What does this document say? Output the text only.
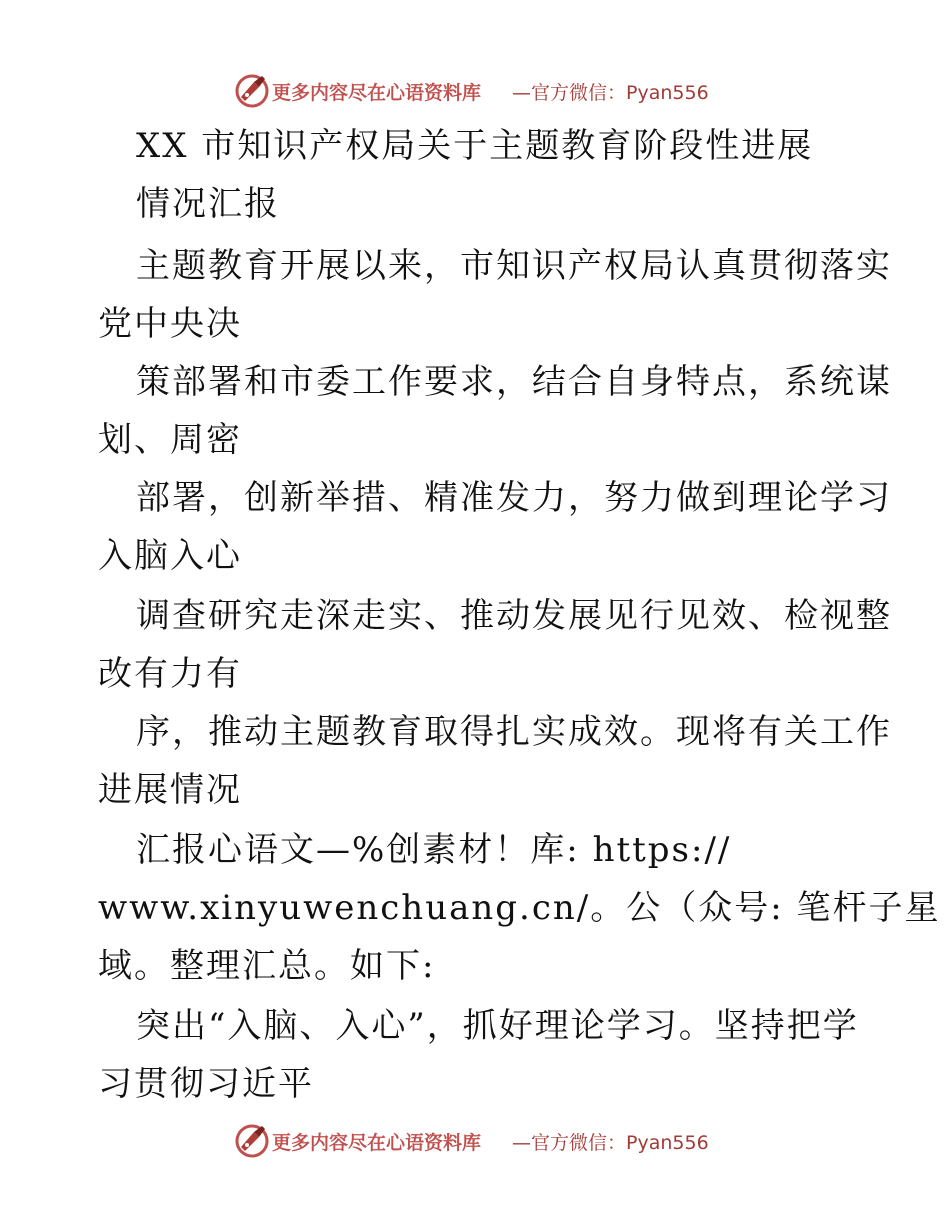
更多内容尽在心语资料库 —官方微信：Pyan556
XX 市知识产权局关于主题教育阶段性进展
情况汇报
主题教育开展以来，市知识产权局认真贯彻落实
党中央决
策部署和市委工作要求，结合自身特点，系统谋
划、周密
部署，创新举措、精准发力，努力做到理论学习
入脑入心
调查研究走深走实、推动发展见行见效、检视整
改有力有
序，推动主题教育取得扎实成效。现将有关工作
进展情况
汇报心语文—%创素材！库: https://
www.xinyuwenchuang.cn/。公（众号: 笔杆子星
域。整理汇总。如下:
突出“入脑、入心”，抓好理论学习。坚持把学
习贯彻习近平
更多内容尽在心语资料库 —官方微信：Pyan556
